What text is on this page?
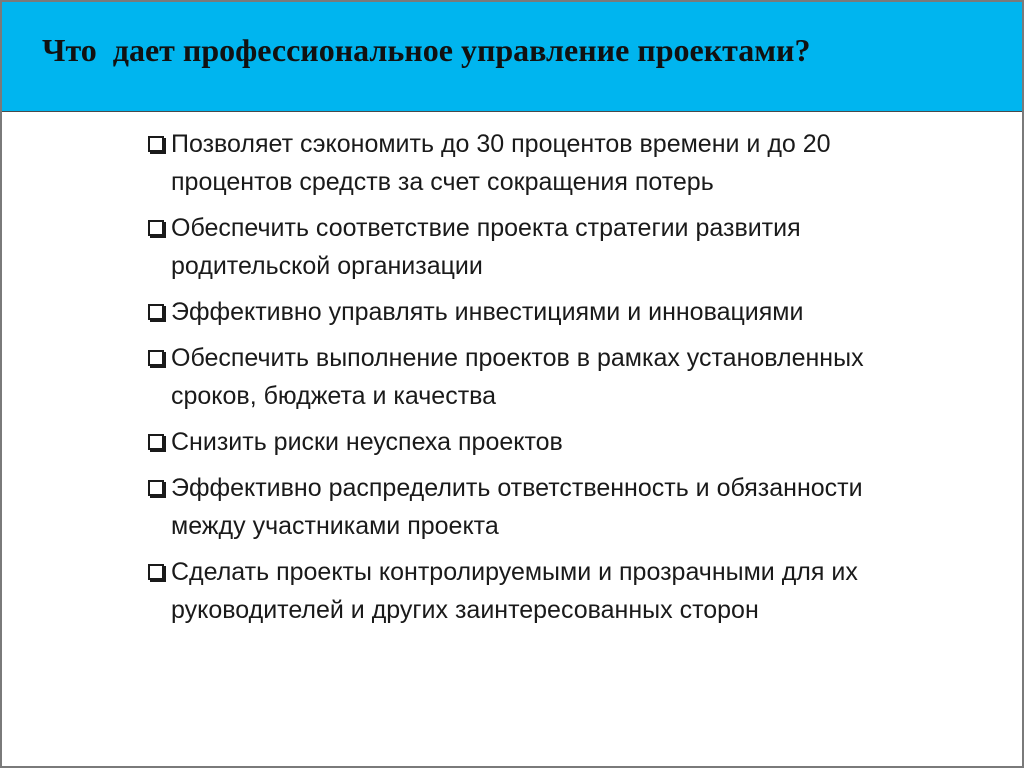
Что  дает профессиональное управление проектами?
Позволяет сэкономить до 30 процентов времени и до 20 процентов средств за счет сокращения потерь
Обеспечить соответствие проекта стратегии развития родительской организации
Эффективно управлять инвестициями и инновациями
Обеспечить выполнение проектов в рамках установленных сроков, бюджета и качества
Снизить риски неуспеха проектов
Эффективно распределить ответственность и обязанности между участниками проекта
Сделать проекты контролируемыми и прозрачными для их руководителей и других заинтересованных сторон
